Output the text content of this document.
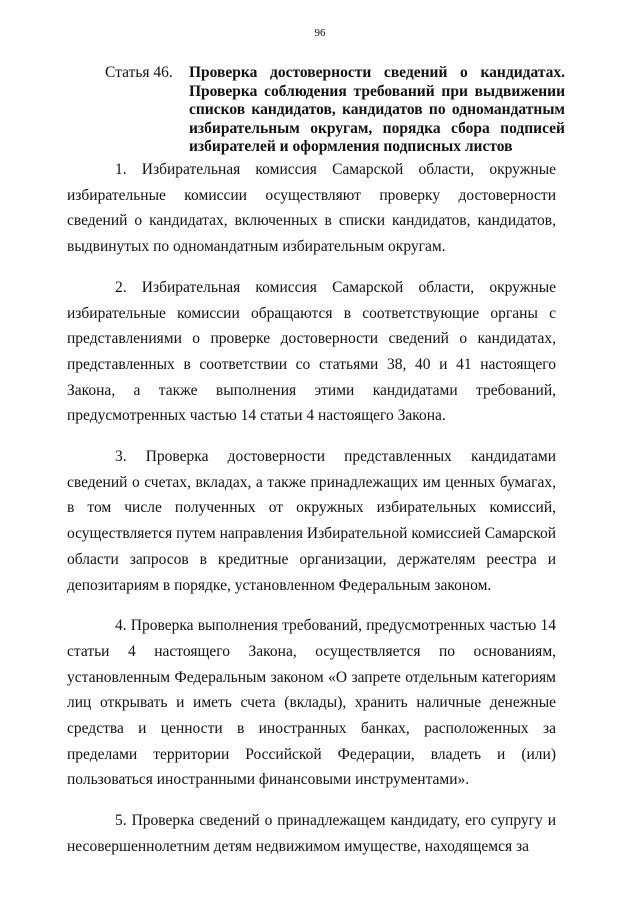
96
Статья 46.	Проверка достоверности сведений о кандидатах. Проверка соблюдения требований при выдвижении списков кандидатов, кандидатов по одномандатным избирательным округам, порядка сбора подписей избирателей и оформления подписных листов

1. Избирательная комиссия Самарской области, окружные избирательные комиссии осуществляют проверку достоверности сведений о кандидатах, включенных в списки кандидатов, кандидатов, выдвинутых по одномандатным избирательным округам.

2. Избирательная комиссия Самарской области, окружные избирательные комиссии обращаются в соответствующие органы с представлениями о проверке достоверности сведений о кандидатах, представленных в соответствии со статьями 38, 40 и 41 настоящего Закона, а также выполнения этими кандидатами требований, предусмотренных частью 14 статьи 4 настоящего Закона.

3. Проверка достоверности представленных кандидатами сведений о счетах, вкладах, а также принадлежащих им ценных бумагах, в том числе полученных от окружных избирательных комиссий, осуществляется путем направления Избирательной комиссией Самарской области запросов в кредитные организации, держателям реестра и депозитариям в порядке, установленном Федеральным законом.

4. Проверка выполнения требований, предусмотренных частью 14 статьи 4 настоящего Закона, осуществляется по основаниям, установленным Федеральным законом «О запрете отдельным категориям лиц открывать и иметь счета (вклады), хранить наличные денежные средства и ценности в иностранных банках, расположенных за пределами территории Российской Федерации, владеть и (или) пользоваться иностранными финансовыми инструментами».

5. Проверка сведений о принадлежащем кандидату, его супругу и несовершеннолетним детям недвижимом имуществе, находящемся за
